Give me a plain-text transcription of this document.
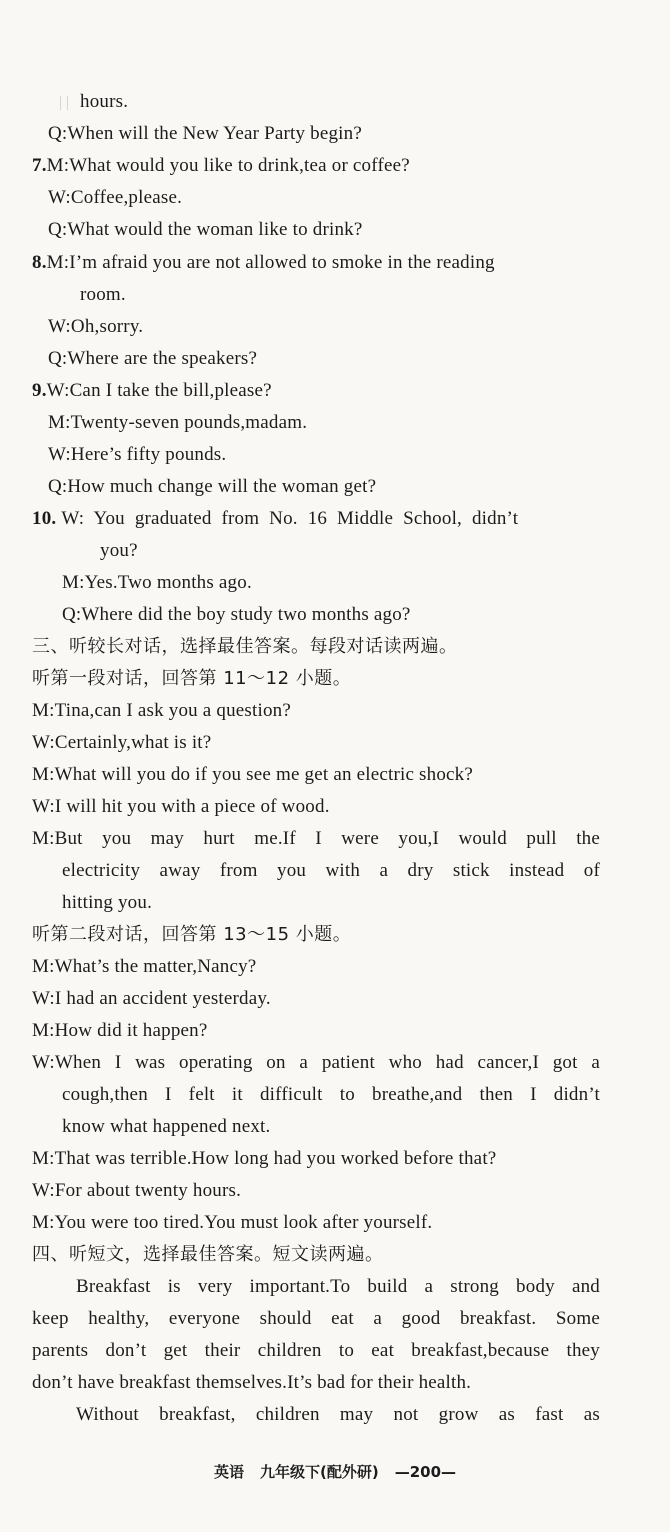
hours.
Q:When will the New Year Party begin?
7.M:What would you like to drink,tea or coffee?
W:Coffee,please.
Q:What would the woman like to drink?
8.M:I’m afraid you are not allowed to smoke in the reading
room.
W:Oh,sorry.
Q:Where are the speakers?
9.W:Can I take the bill,please?
M:Twenty-seven pounds,madam.
W:Here’s fifty pounds.
Q:How much change will the woman get?
10. W: You graduated from No. 16 Middle School, didn’t
you?
M:Yes.Two months ago.
Q:Where did the boy study two months ago?
三、听较长对话，选择最佳答案。每段对话读两遍。
听第一段对话，回答第 11～12 小题。
M:Tina,can I ask you a question?
W:Certainly,what is it?
M:What will you do if you see me get an electric shock?
W:I will hit you with a piece of wood.
M:But you may hurt me.If I were you,I would pull the
electricity away from you with a dry stick instead of
hitting you.
听第二段对话，回答第 13～15 小题。
M:What’s the matter,Nancy?
W:I had an accident yesterday.
M:How did it happen?
W:When I was operating on a patient who had cancer,I got a
cough,then I felt it difficult to breathe,and then I didn’t
know what happened next.
M:That was terrible.How long had you worked before that?
W:For about twenty hours.
M:You were too tired.You must look after yourself.
四、听短文，选择最佳答案。短文读两遍。
Breakfast is very important.To build a strong body and
keep healthy, everyone should eat a good breakfast. Some
parents don’t get their children to eat breakfast,because they
don’t have breakfast themselves.It’s bad for their health.
Without breakfast, children may not grow as fast as
英语 九年级下(配外研) —200—
